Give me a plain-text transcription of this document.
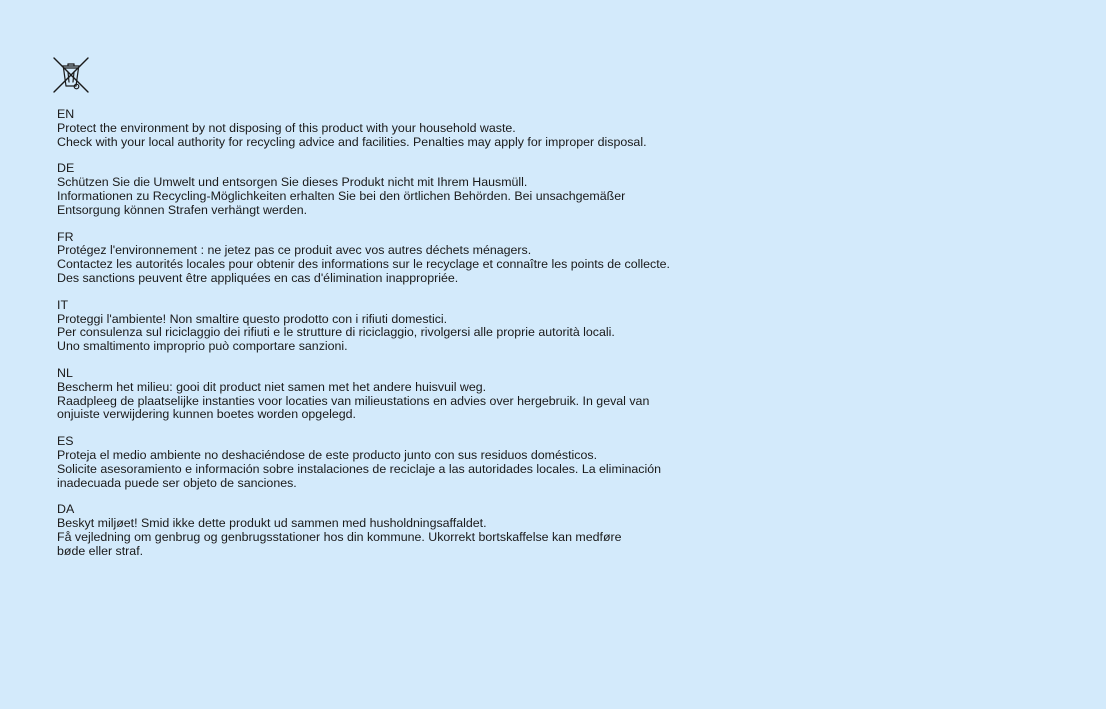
EN
Protect the environment by not disposing of this product with your household waste.
Check with your local authority for recycling advice and facilities. Penalties may apply for improper disposal.
DE
Schützen Sie die Umwelt und entsorgen Sie dieses Produkt nicht mit Ihrem Hausmüll.
Informationen zu Recycling-Möglichkeiten erhalten Sie bei den örtlichen Behörden. Bei unsachgemäßer
Entsorgung können Strafen verhängt werden.
FR
Protégez l'environnement : ne jetez pas ce produit avec vos autres déchets ménagers.
Contactez les autorités locales pour obtenir des informations sur le recyclage et connaître les points de collecte.
Des sanctions peuvent être appliquées en cas d'élimination inappropriée.
IT
Proteggi l'ambiente! Non smaltire questo prodotto con i rifiuti domestici.
Per consulenza sul riciclaggio dei rifiuti e le strutture di riciclaggio, rivolgersi alle proprie autorità locali.
Uno smaltimento improprio può comportare sanzioni.
NL
Bescherm het milieu: gooi dit product niet samen met het andere huisvuil weg.
Raadpleeg de plaatselijke instanties voor locaties van milieustations en advies over hergebruik. In geval van
onjuiste verwijdering kunnen boetes worden opgelegd.
ES
Proteja el medio ambiente no deshaciéndose de este producto junto con sus residuos domésticos.
Solicite asesoramiento e información sobre instalaciones de reciclaje a las autoridades locales. La eliminación
inadecuada puede ser objeto de sanciones.
DA
Beskyt miljøet! Smid ikke dette produkt ud sammen med husholdningsaffaldet.
Få vejledning om genbrug og genbrugsstationer hos din kommune. Ukorrekt bortskaffelse kan medføre
bøde eller straf.
